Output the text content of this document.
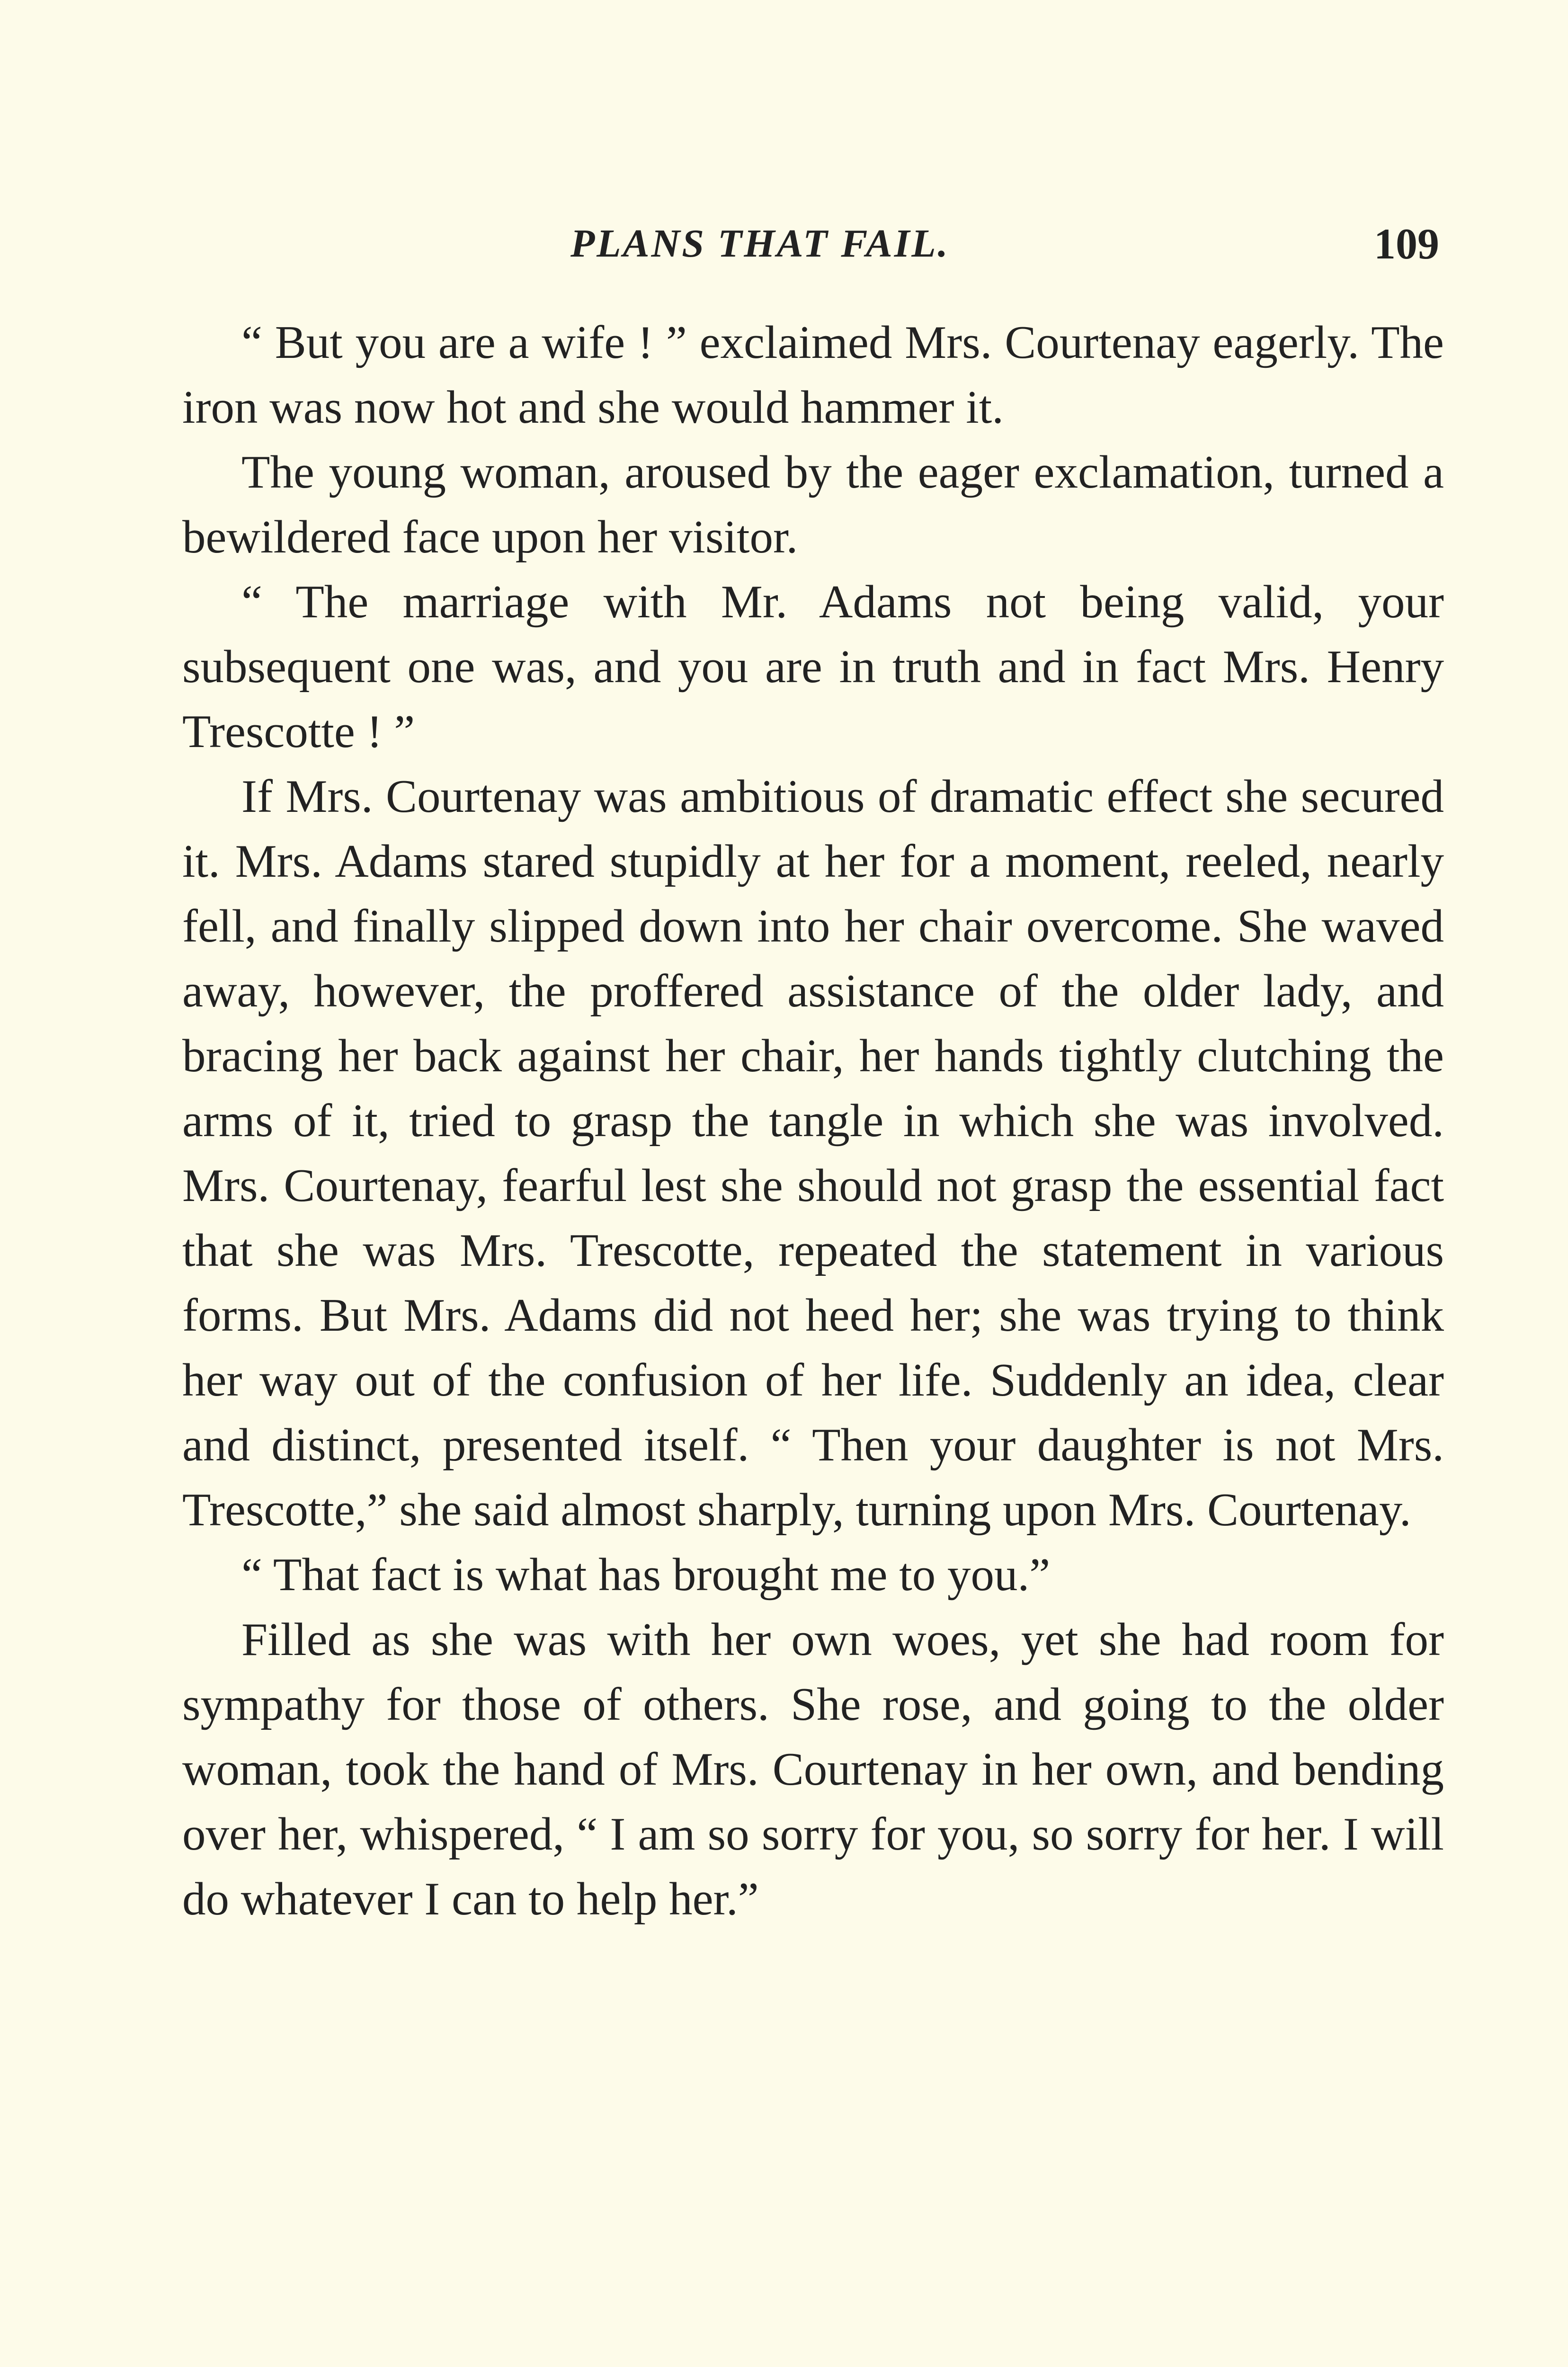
PLANS THAT FAIL.	109

“ But you are a wife ! ” exclaimed Mrs. Courtenay eagerly. The iron was now hot and she would hammer it.

The young woman, aroused by the eager exclamation, turned a bewildered face upon her visitor.

“ The marriage with Mr. Adams not being valid, your subsequent one was, and you are in truth and in fact Mrs. Henry Trescotte ! ”

If Mrs. Courtenay was ambitious of dramatic effect she secured it. Mrs. Adams stared stupidly at her for a moment, reeled, nearly fell, and finally slipped down into her chair overcome. She waved away, however, the proffered assistance of the older lady, and bracing her back against her chair, her hands tightly clutching the arms of it, tried to grasp the tangle in which she was involved. Mrs. Courtenay, fearful lest she should not grasp the essential fact that she was Mrs. Trescotte, repeated the statement in various forms. But Mrs. Adams did not heed her; she was trying to think her way out of the confusion of her life. Suddenly an idea, clear and distinct, presented itself. “ Then your daughter is not Mrs. Trescotte,” she said almost sharply, turning upon Mrs. Courtenay.

“ That fact is what has brought me to you.”

Filled as she was with her own woes, yet she had room for sympathy for those of others. She rose, and going to the older woman, took the hand of Mrs. Courtenay in her own, and bending over her, whispered, “ I am so sorry for you, so sorry for her. I will do whatever I can to help her.”
